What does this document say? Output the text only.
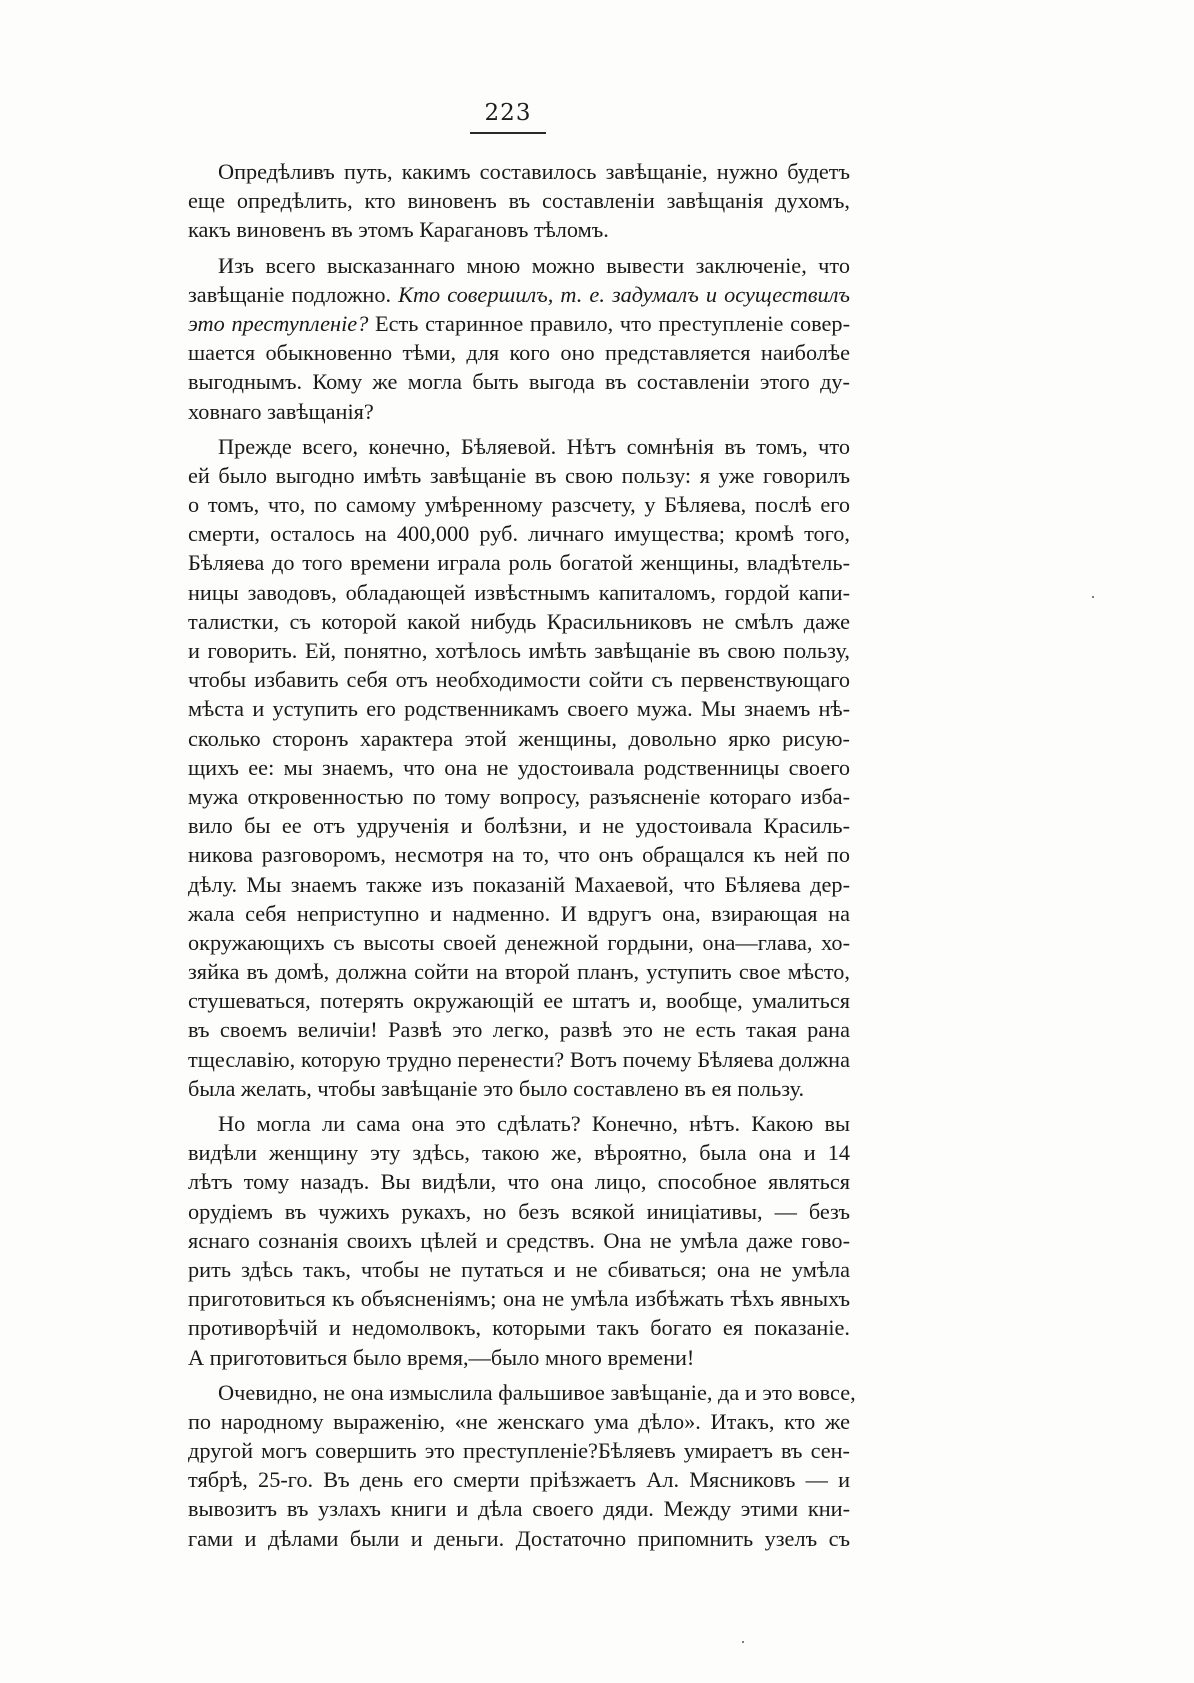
223
Опредѣливъ путь, какимъ составилось завѣщаніе, нужно будетъ
еще опредѣлить, кто виновенъ въ составленіи завѣщанія духомъ,
какъ виновенъ въ этомъ Карагановъ тѣломъ.
Изъ всего высказаннаго мною можно вывести заключеніе, что
завѣщаніе подложно. Кто совершилъ, т. е. задумалъ и осуществилъ
это преступленіе? Есть старинное правило, что преступленіе совер-
шается обыкновенно тѣми, для кого оно представляется наиболѣе
выгоднымъ. Кому же могла быть выгода въ составленіи этого ду-
ховнаго завѣщанія?
Прежде всего, конечно, Бѣляевой. Нѣтъ сомнѣнія въ томъ, что
ей было выгодно имѣть завѣщаніе въ свою пользу: я уже говорилъ
о томъ, что, по самому умѣренному разсчету, у Бѣляева, послѣ его
смерти, осталось на 400,000 руб. личнаго имущества; кромѣ того,
Бѣляева до того времени играла роль богатой женщины, владѣтель-
ницы заводовъ, обладающей извѣстнымъ капиталомъ, гордой капи-
талистки, съ которой какой нибудь Красильниковъ не смѣлъ даже
и говорить. Ей, понятно, хотѣлось имѣть завѣщаніе въ свою пользу,
чтобы избавить себя отъ необходимости сойти съ первенствующаго
мѣста и уступить его родственникамъ своего мужа. Мы знаемъ нѣ-
сколько сторонъ характера этой женщины, довольно ярко рисую-
щихъ ее: мы знаемъ, что она не удостоивала родственницы своего
мужа откровенностью по тому вопросу, разъясненіе котораго изба-
вило бы ее отъ удрученія и болѣзни, и не удостоивала Красиль-
никова разговоромъ, несмотря на то, что онъ обращался къ ней по
дѣлу. Мы знаемъ также изъ показаній Махаевой, что Бѣляева дер-
жала себя неприступно и надменно. И вдругъ она, взирающая на
окружающихъ съ высоты своей денежной гордыни, она—глава, хо-
зяйка въ домѣ, должна сойти на второй планъ, уступить свое мѣсто,
стушеваться, потерять окружающій ее штатъ и, вообще, умалиться
въ своемъ величіи! Развѣ это легко, развѣ это не есть такая рана
тщеславію, которую трудно перенести? Вотъ почему Бѣляева должна
была желать, чтобы завѣщаніе это было составлено въ ея пользу.
Но могла ли сама она это сдѣлать? Конечно, нѣтъ. Какою вы
видѣли женщину эту здѣсь, такою же, вѣроятно, была она и 14
лѣтъ тому назадъ. Вы видѣли, что она лицо, способное являться
орудіемъ въ чужихъ рукахъ, но безъ всякой иниціативы, — безъ
яснаго сознанія своихъ цѣлей и средствъ. Она не умѣла даже гово-
рить здѣсь такъ, чтобы не путаться и не сбиваться; она не умѣла
приготовиться къ объясненіямъ; она не умѣла избѣжать тѣхъ явныхъ
противорѣчій и недомолвокъ, которыми такъ богато ея показаніе.
А приготовиться было время,—было много времени!
Очевидно, не она измыслила фальшивое завѣщаніе, да и это вовсе,
по народному выраженію, «не женскаго ума дѣло». Итакъ, кто же
другой могъ совершить это преступленіе?Бѣляевъ умираетъ въ сен-
тябрѣ, 25-го. Въ день его смерти пріѣзжаетъ Ал. Мясниковъ — и
вывозитъ въ узлахъ книги и дѣла своего дяди. Между этими кни-
гами и дѣлами были и деньги. Достаточно припомнить узелъ съ
